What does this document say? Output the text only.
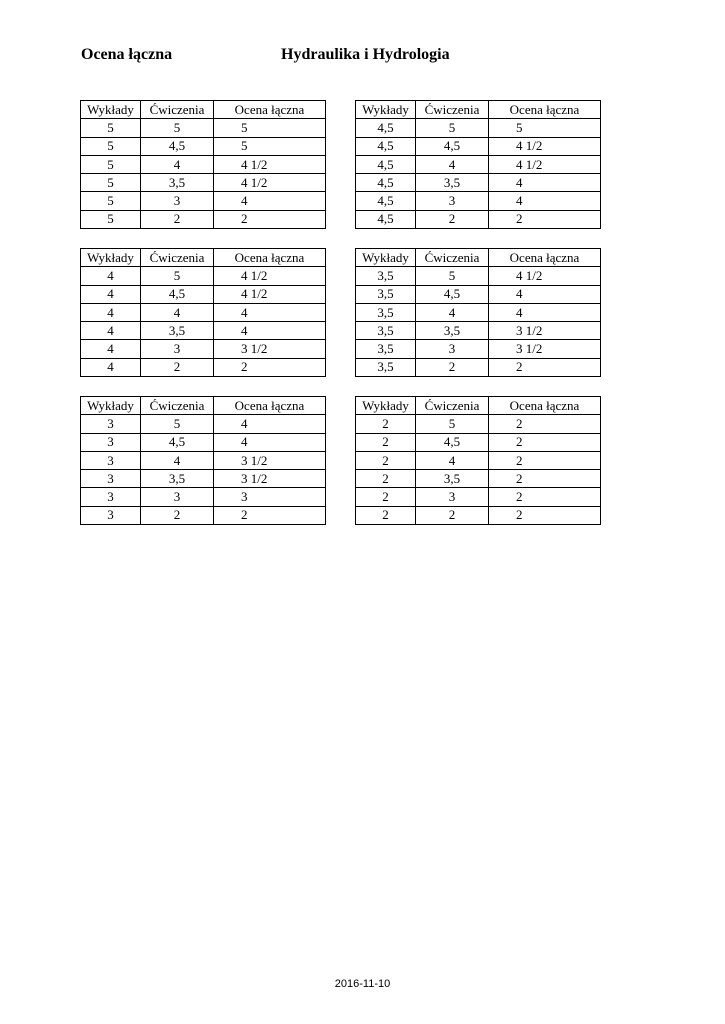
Ocena łączna	Hydraulika i Hydrologia
Wykłady	Ćwiczenia	Ocena łączna
5	5	5
5	4,5	5
5	4	4 1/2
5	3,5	4 1/2
5	3	4
5	2	2
Wykłady	Ćwiczenia	Ocena łączna
4,5	5	5
4,5	4,5	4 1/2
4,5	4	4 1/2
4,5	3,5	4
4,5	3	4
4,5	2	2
Wykłady	Ćwiczenia	Ocena łączna
4	5	4 1/2
4	4,5	4 1/2
4	4	4
4	3,5	4
4	3	3 1/2
4	2	2
Wykłady	Ćwiczenia	Ocena łączna
3,5	5	4 1/2
3,5	4,5	4
3,5	4	4
3,5	3,5	3 1/2
3,5	3	3 1/2
3,5	2	2
Wykłady	Ćwiczenia	Ocena łączna
3	5	4
3	4,5	4
3	4	3 1/2
3	3,5	3 1/2
3	3	3
3	2	2
Wykłady	Ćwiczenia	Ocena łączna
2	5	2
2	4,5	2
2	4	2
2	3,5	2
2	3	2
2	2	2
2016-11-10
